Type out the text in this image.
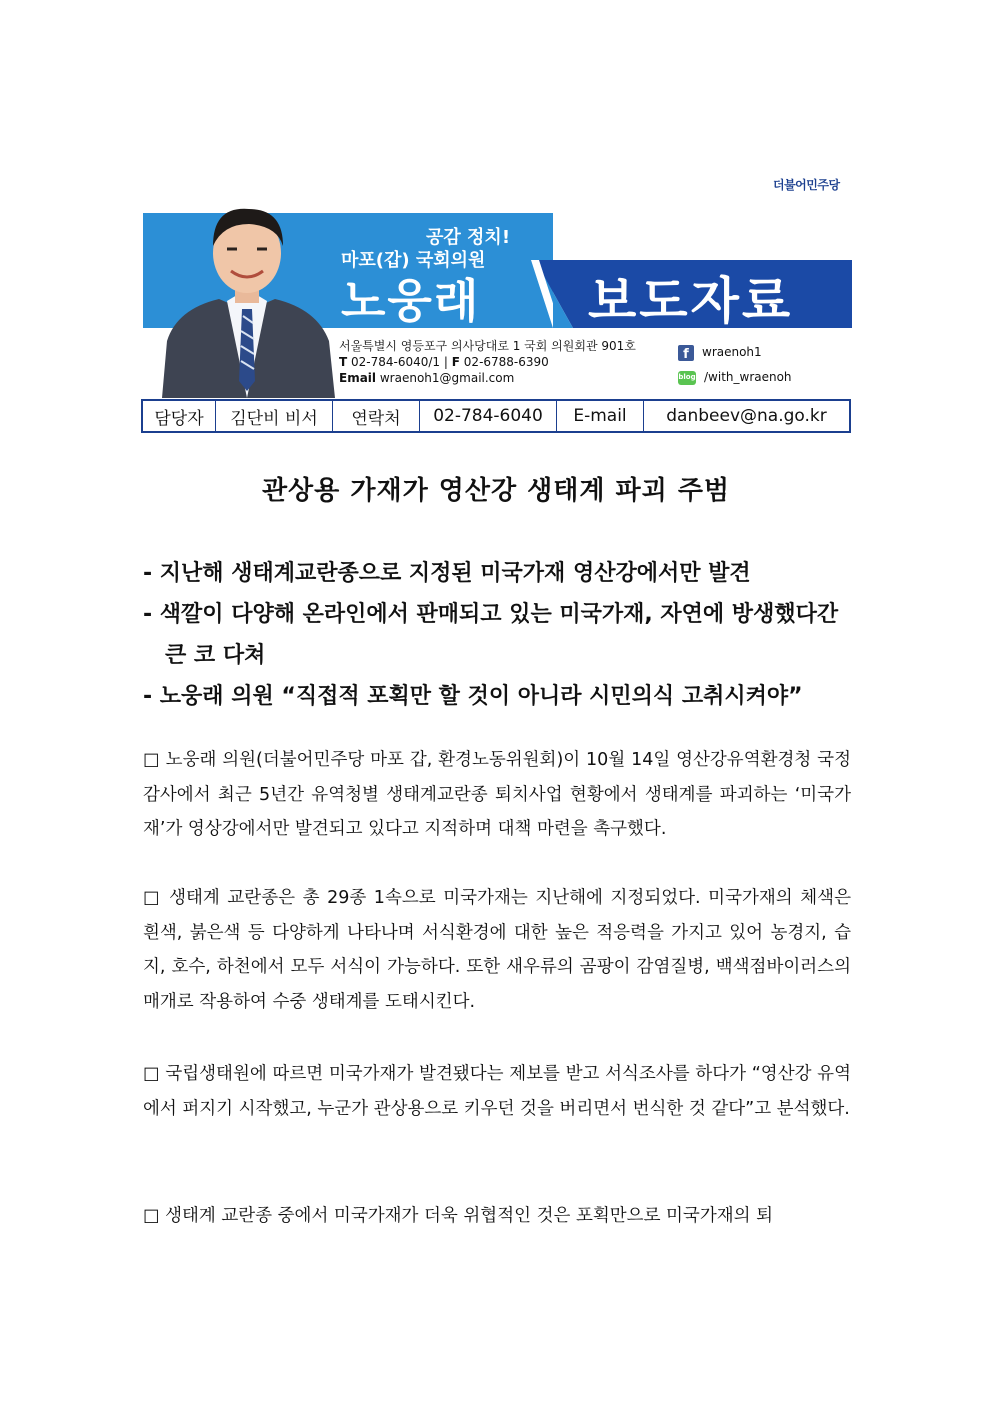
더불어민주당
공감 정치!
마포(갑) 국회의원
노웅래 보도자료
서울특별시 영등포구 의사당대로 1 국회 의원회관 901호
T 02-784-6040/1 | F 02-6788-6390
Email wraenoh1@gmail.com
f	wraenoh1
blog /with_wraenoh
담당자	김단비 비서	연락처	02-784-6040	E-mail	danbeev@na.go.kr
관상용 가재가 영산강 생태계 파괴 주범
- 지난해 생태계교란종으로 지정된 미국가재 영산강에서만 발견
- 색깔이 다양해 온라인에서 판매되고 있는 미국가재, 자연에 방생했다간 큰 코 다쳐
- 노웅래 의원 “직접적 포획만 할 것이 아니라 시민의식 고취시켜야”
□ 노웅래 의원(더불어민주당 마포 갑, 환경노동위원회)이 10월 14일 영산강유역환경청 국정감사에서 최근 5년간 유역청별 생태계교란종 퇴치사업 현황에서 생태계를 파괴하는 ‘미국가재’가 영상강에서만 발견되고 있다고 지적하며 대책 마련을 촉구했다.
□ 생태계 교란종은 총 29종 1속으로 미국가재는 지난해에 지정되었다. 미국가재의 체색은 흰색, 붉은색 등 다양하게 나타나며 서식환경에 대한 높은 적응력을 가지고 있어 농경지, 습지, 호수, 하천에서 모두 서식이 가능하다. 또한 새우류의 곰팡이 감염질병, 백색점바이러스의 매개로 작용하여 수중 생태계를 도태시킨다.
□ 국립생태원에 따르면 미국가재가 발견됐다는 제보를 받고 서식조사를 하다가 “영산강 유역에서 퍼지기 시작했고, 누군가 관상용으로 키우던 것을 버리면서 번식한 것 같다”고 분석했다.
□ 생태계 교란종 중에서 미국가재가 더욱 위협적인 것은 포획만으로 미국가재의 퇴
